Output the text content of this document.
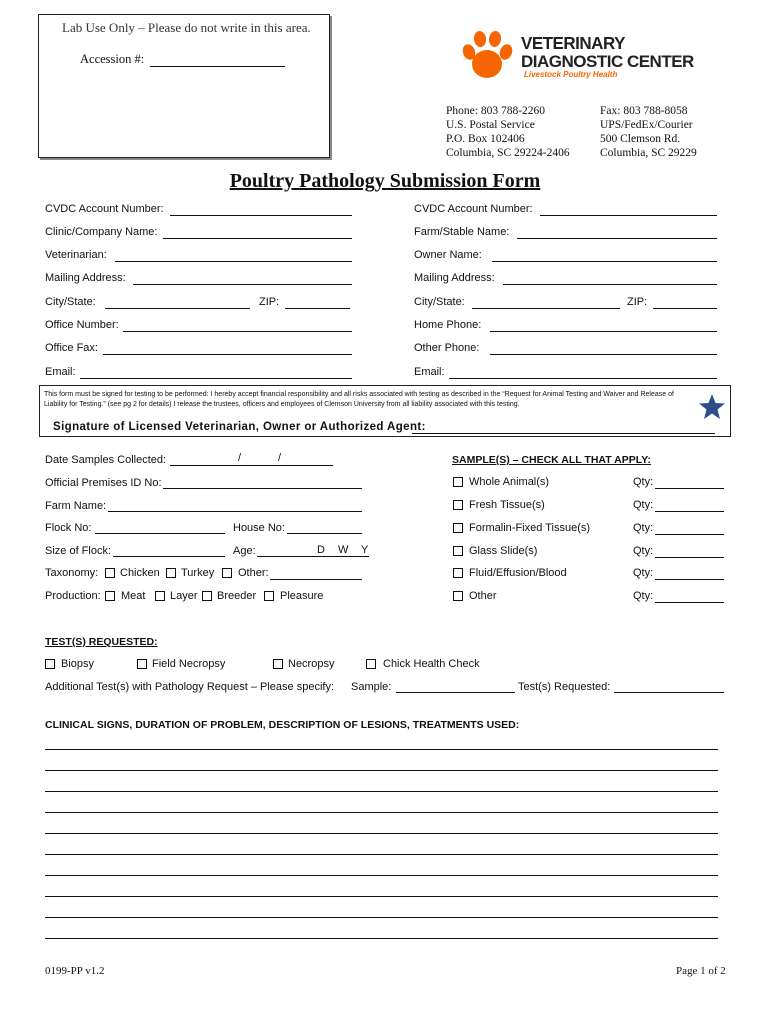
Lab Use Only – Please do not write in this area.
Accession #:
VETERINARY
DIAGNOSTIC CENTER
Livestock Poultry Health
Phone: 803 788-2260
U.S. Postal Service
P.O. Box 102406
Columbia, SC 29224-2406
Fax: 803 788-8058
UPS/FedEx/Courier
500 Clemson Rd.
Columbia, SC 29229
Poultry Pathology Submission Form
CVDC Account Number:
Clinic/Company Name:
Veterinarian:
Mailing Address:
City/State:	ZIP:
Office Number:
Office Fax:
Email:
CVDC Account Number:
Farm/Stable Name:
Owner Name:
Mailing Address:
City/State:	ZIP:
Home Phone:
Other Phone:
Email:
This form must be signed for testing to be performed: I hereby accept financial responsibility and all risks associated with testing as described in the “Request for Animal Testing and Waiver and Release of Liability for Testing.” (see pg 2 for details) I release the trustees, officers and employees of Clemson University from all liability associated with this testing.
Signature of Licensed Veterinarian, Owner or Authorized Agent:
Date Samples Collected:	/	/
Official Premises ID No:
Farm Name:
Flock No:	House No:
Size of Flock:	Age:	D W Y
Taxonomy: Chicken Turkey Other:
Production: Meat Layer Breeder Pleasure
SAMPLE(S) – CHECK ALL THAT APPLY:
Whole Animal(s)	Qty:
Fresh Tissue(s)	Qty:
Formalin-Fixed Tissue(s)	Qty:
Glass Slide(s)	Qty:
Fluid/Effusion/Blood	Qty:
Other	Qty:
TEST(S) REQUESTED:
Biopsy	Field Necropsy	Necropsy	Chick Health Check
Additional Test(s) with Pathology Request – Please specify: Sample:	Test(s) Requested:
CLINICAL SIGNS, DURATION OF PROBLEM, DESCRIPTION OF LESIONS, TREATMENTS USED:
0199-PP v1.2	Page 1 of 2
